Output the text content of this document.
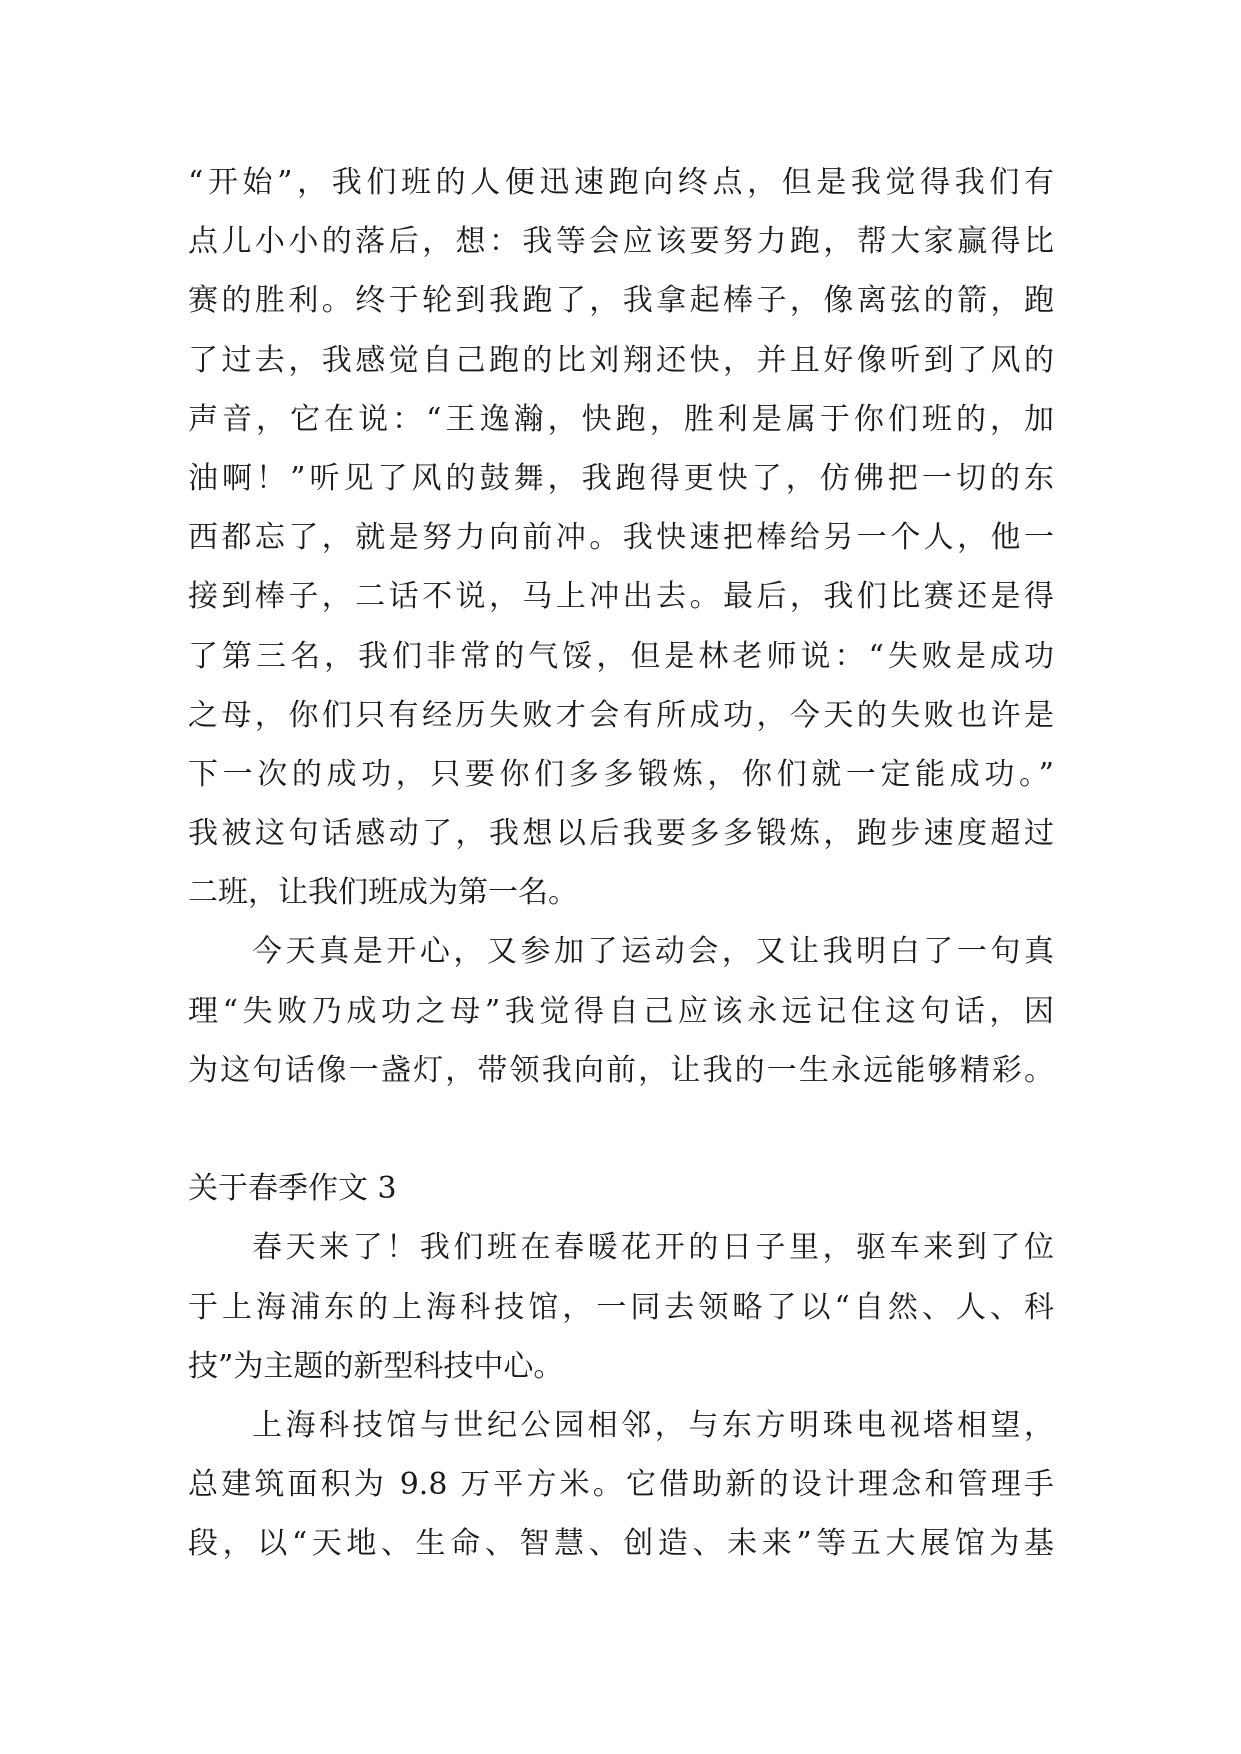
“开始”，我们班的人便迅速跑向终点，但是我觉得我们有
点儿小小的落后，想：我等会应该要努力跑，帮大家赢得比
赛的胜利。终于轮到我跑了，我拿起棒子，像离弦的箭，跑
了过去，我感觉自己跑的比刘翔还快，并且好像听到了风的
声音，它在说：“王逸瀚，快跑，胜利是属于你们班的，加
油啊！”听见了风的鼓舞，我跑得更快了，仿佛把一切的东
西都忘了，就是努力向前冲。我快速把棒给另一个人，他一
接到棒子，二话不说，马上冲出去。最后，我们比赛还是得
了第三名，我们非常的气馁，但是林老师说：“失败是成功
之母，你们只有经历失败才会有所成功，今天的失败也许是
下一次的成功，只要你们多多锻炼，你们就一定能成功。”
我被这句话感动了，我想以后我要多多锻炼，跑步速度超过
二班，让我们班成为第一名。
今天真是开心，又参加了运动会，又让我明白了一句真
理“失败乃成功之母”我觉得自己应该永远记住这句话，因
为这句话像一盏灯，带领我向前，让我的一生永远能够精彩。
关于春季作文 3
春天来了！我们班在春暖花开的日子里，驱车来到了位
于上海浦东的上海科技馆，一同去领略了以“自然、人、科
技”为主题的新型科技中心。
上海科技馆与世纪公园相邻，与东方明珠电视塔相望，
总建筑面积为 9.8 万平方米。它借助新的设计理念和管理手
段，以“天地、生命、智慧、创造、未来”等五大展馆为基
